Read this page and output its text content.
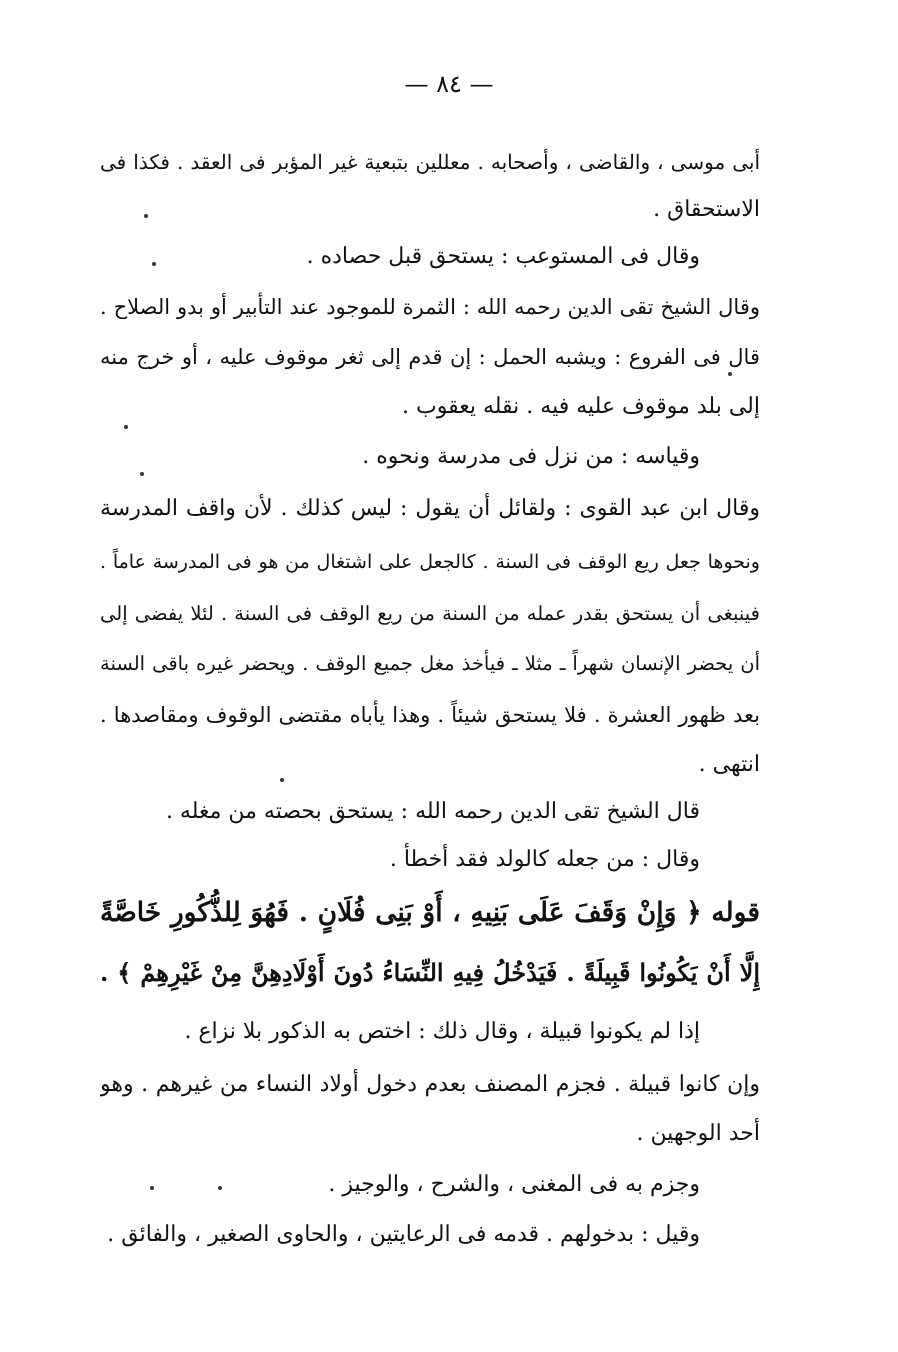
— ٨٤ —
أبى موسى ، والقاضى ، وأصحابه . معللين بتبعية غير المؤبر فى العقد . فكذا فى
الاستحقاق .
وقال فى المستوعب : يستحق قبل حصاده .
وقال الشيخ تقى الدين رحمه الله : الثمرة للموجود عند التأبير أو بدو الصلاح .
قال فى الفروع : ويشبه الحمل : إن قدم إلى ثغر موقوف عليه ، أو خرج منه
إلى بلد موقوف عليه فيه . نقله يعقوب .
وقياسه : من نزل فى مدرسة ونحوه .
وقال ابن عبد القوى : ولقائل أن يقول : ليس كذلك . لأن واقف المدرسة
ونحوها جعل ريع الوقف فى السنة . كالجعل على اشتغال من هو فى المدرسة عاماً .
فينبغى أن يستحق بقدر عمله من السنة من ريع الوقف فى السنة . لئلا يفضى إلى
أن يحضر الإنسان شهراً ـ مثلا ـ فيأخذ مغل جميع الوقف . ويحضر غيره باقى السنة
بعد ظهور العشرة . فلا يستحق شيئاً . وهذا يأباه مقتضى الوقوف ومقاصدها .
انتهى .
قال الشيخ تقى الدين رحمه الله : يستحق بحصته من مغله .
وقال : من جعله كالولد فقد أخطأ .
قوله ﴿ وَإِنْ وَقَفَ عَلَى بَنِيهِ ، أَوْ بَنِى فُلَانٍ . فَهُوَ لِلذُّكُورِ خَاصَّةً
إِلَّا أَنْ يَكُونُوا قَبِيلَةً . فَيَدْخُلُ فِيهِ النِّسَاءُ دُونَ أَوْلَادِهِنَّ مِنْ غَيْرِهِمْ ﴾ .
إذا لم يكونوا قبيلة ، وقال ذلك : اختص به الذكور بلا نزاع .
وإن كانوا قبيلة . فجزم المصنف بعدم دخول أولاد النساء من غيرهم . وهو
أحد الوجهين .
وجزم به فى المغنى ، والشرح ، والوجيز .
وقيل : بدخولهم . قدمه فى الرعايتين ، والحاوى الصغير ، والفائق .
